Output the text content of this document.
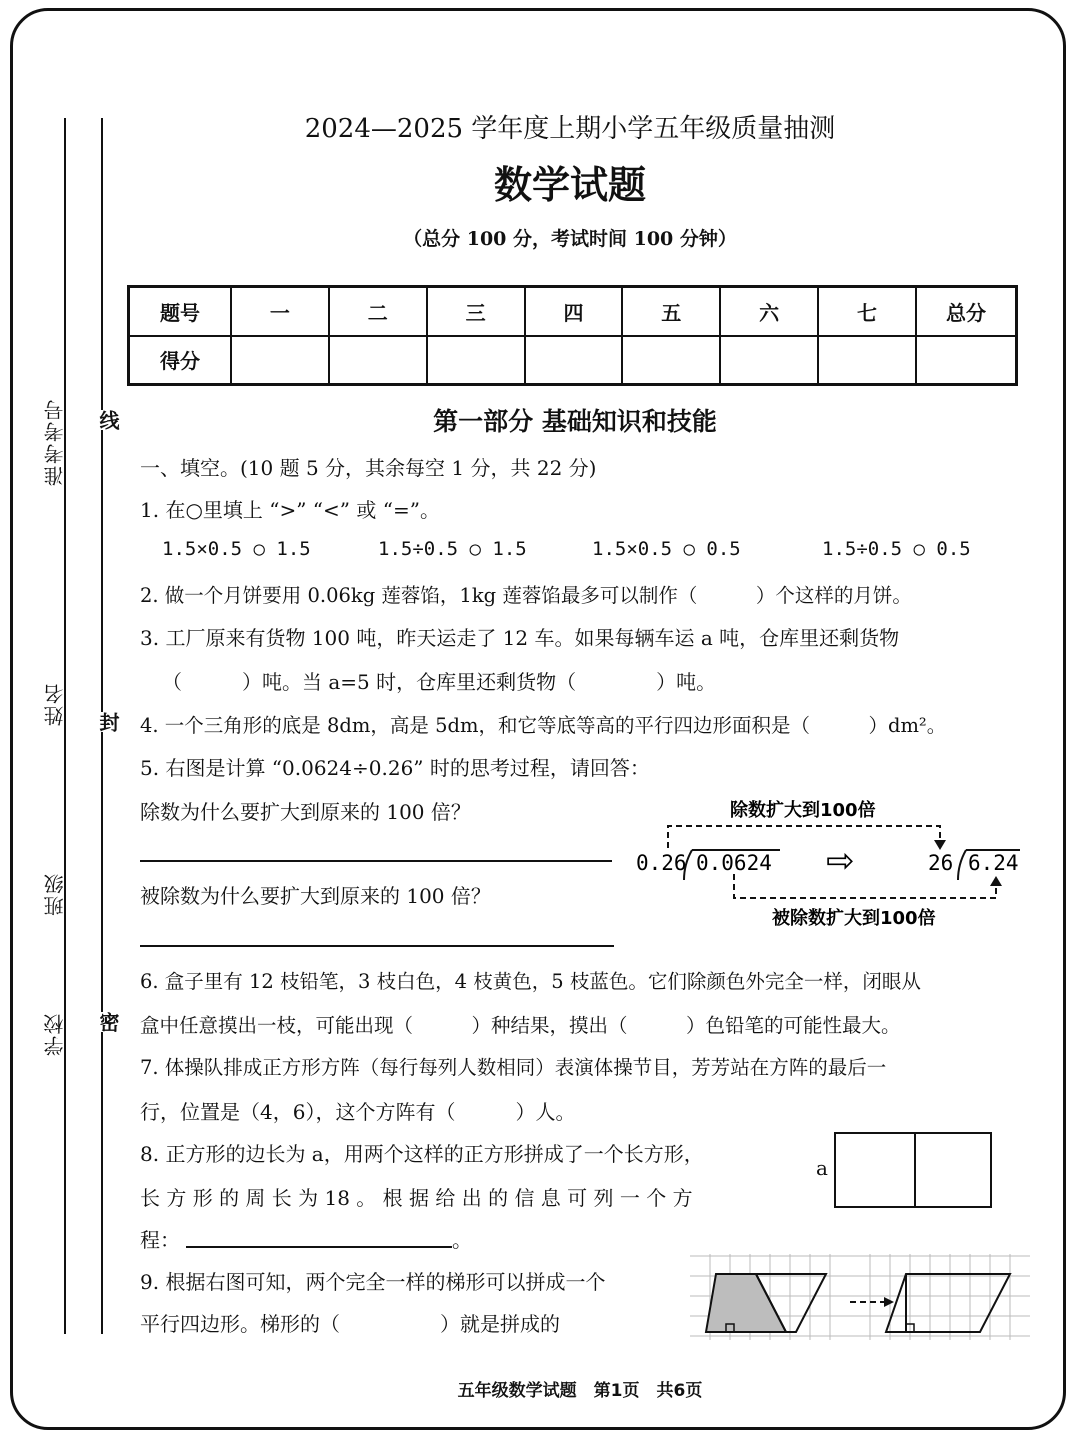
准考考号
姓名
班级
学校
线
封
密
2024—2025 学年度上期小学五年级质量抽测
数学试题
（总分 100 分，考试时间 100 分钟）
题号	一	二	三	四	五	六	七	总分
得分								
第一部分 基础知识和技能
一、填空。(10 题 5 分，其余每空 1 分，共 22 分)
1. 在○里填上 “>” “<” 或 “=”。
1.5×0.5 ○ 1.5	1.5÷0.5 ○ 1.5	1.5×0.5 ○ 0.5	1.5÷0.5 ○ 0.5
2. 做一个月饼要用 0.06kg 莲蓉馅，1kg 莲蓉馅最多可以制作（　　　）个这样的月饼。
3. 工厂原来有货物 100 吨，昨天运走了 12 车。如果每辆车运 a 吨，仓库里还剩货物
（　　　）吨。当 a=5 时，仓库里还剩货物（　　　　）吨。
4. 一个三角形的底是 8dm，高是 5dm，和它等底等高的平行四边形面积是（　　　）dm²。
5. 右图是计算 “0.0624÷0.26” 时的思考过程，请回答：
除数为什么要扩大到原来的 100 倍？
被除数为什么要扩大到原来的 100 倍？
除数扩大到100倍
0.26 0.0624 ⇨	26 6.24
被除数扩大到100倍
6. 盒子里有 12 枝铅笔，3 枝白色，4 枝黄色，5 枝蓝色。它们除颜色外完全一样，闭眼从
盒中任意摸出一枝，可能出现（　　　）种结果，摸出（　　　）色铅笔的可能性最大。
7. 体操队排成正方形方阵（每行每列人数相同）表演体操节目，芳芳站在方阵的最后一
行，位置是（4，6），这个方阵有（　　　）人。
8. 正方形的边长为 a，用两个这样的正方形拼成了一个长方形，
长 方 形 的 周 长 为 18 。 根 据 给 出 的 信 息 可 列 一 个 方
程：	。
a
9. 根据右图可知，两个完全一样的梯形可以拼成一个
平行四边形。梯形的（　　　　　）就是拼成的
五年级数学试题　第1页　共6页
